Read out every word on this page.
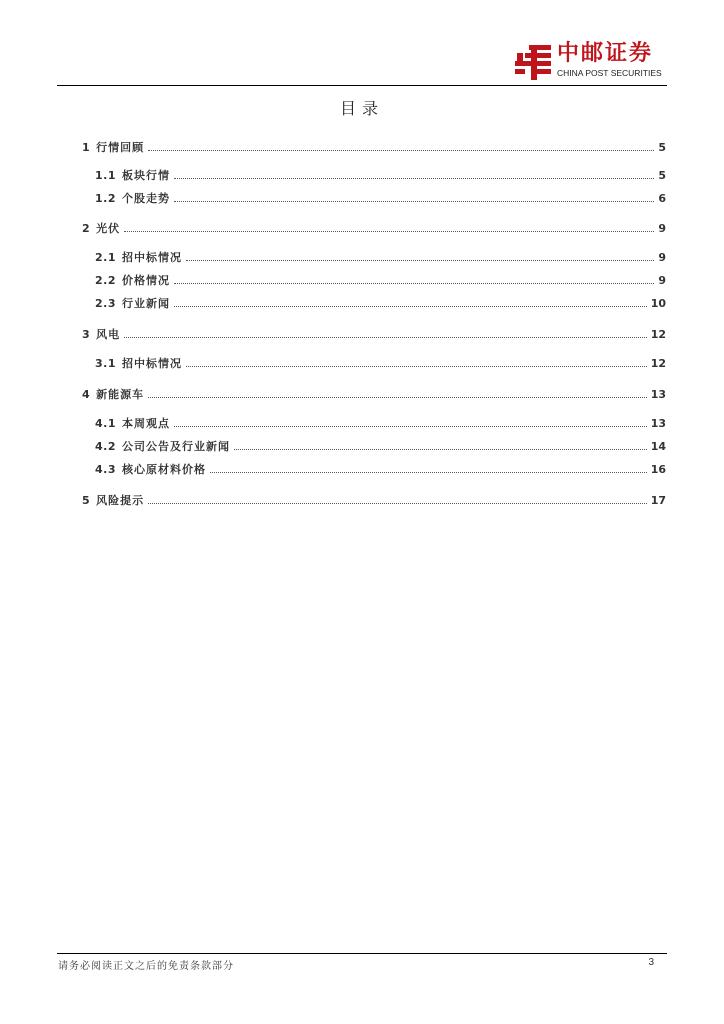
中邮证券
CHINA POST SECURITIES
目录
1 行情回顾	5
1.1 板块行情	5
1.2 个股走势	6
2 光伏	9
2.1 招中标情况	9
2.2 价格情况	9
2.3 行业新闻	10
3 风电	12
3.1 招中标情况	12
4 新能源车	13
4.1 本周观点	13
4.2 公司公告及行业新闻	14
4.3 核心原材料价格	16
5 风险提示	17
请务必阅读正文之后的免责条款部分	3
